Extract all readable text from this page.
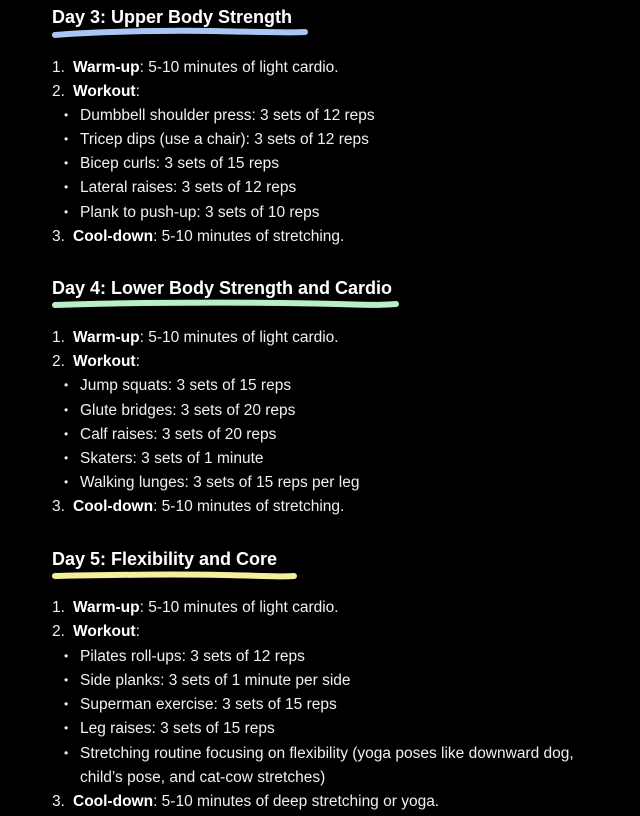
Day 3: Upper Body Strength
1. Warm-up: 5-10 minutes of light cardio.
2. Workout:
• Dumbbell shoulder press: 3 sets of 12 reps
• Tricep dips (use a chair): 3 sets of 12 reps
• Bicep curls: 3 sets of 15 reps
• Lateral raises: 3 sets of 12 reps
• Plank to push-up: 3 sets of 10 reps
3. Cool-down: 5-10 minutes of stretching.
Day 4: Lower Body Strength and Cardio
1. Warm-up: 5-10 minutes of light cardio.
2. Workout:
• Jump squats: 3 sets of 15 reps
• Glute bridges: 3 sets of 20 reps
• Calf raises: 3 sets of 20 reps
• Skaters: 3 sets of 1 minute
• Walking lunges: 3 sets of 15 reps per leg
3. Cool-down: 5-10 minutes of stretching.
Day 5: Flexibility and Core
1. Warm-up: 5-10 minutes of light cardio.
2. Workout:
• Pilates roll-ups: 3 sets of 12 reps
• Side planks: 3 sets of 1 minute per side
• Superman exercise: 3 sets of 15 reps
• Leg raises: 3 sets of 15 reps
• Stretching routine focusing on flexibility (yoga poses like downward dog,
child’s pose, and cat-cow stretches)
3. Cool-down: 5-10 minutes of deep stretching or yoga.
